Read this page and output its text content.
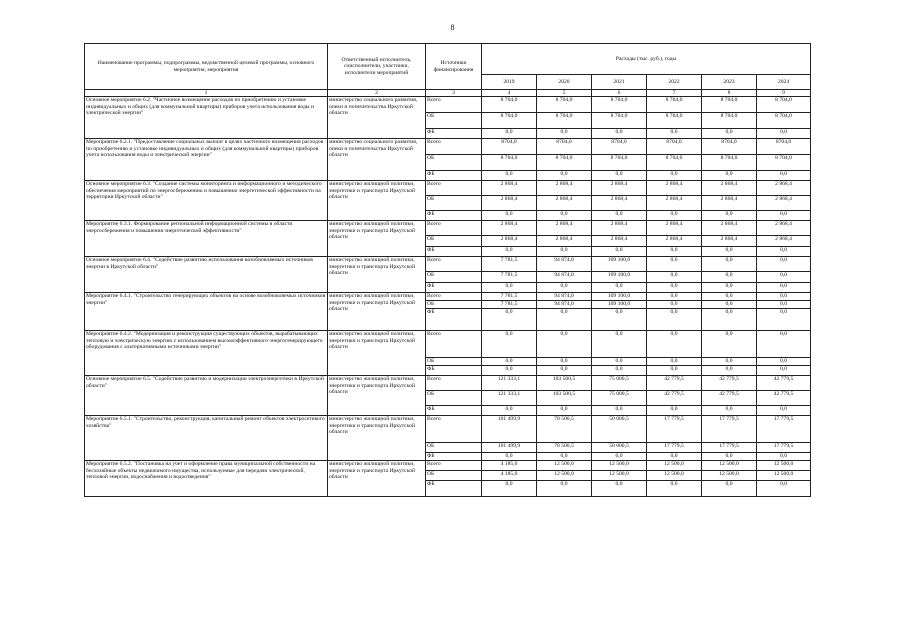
8
Наименование программы, подпрограммы, ведомственной целевой программы, основного мероприятия, мероприятия	Ответственный исполнитель, соисполнители, участники, исполнители мероприятий	Источники финансирования	Расходы (тыс. руб.), годы					
			2019	2020	2021	2022	2023	2024
1	2	3	4	5	6	7	8	9
Основное мероприятие 6.2. "Частичное возмещение расходов по приобретению и установке индивидуальных и общих (для коммунальной квартиры) приборов учета использования воды и электрической энергии"	министерство социального развития, опеки и попечительства Иркутской области	Всего	8 704,0	8 704,0	8 704,0	8 704,0	8 704,0	8 704,0
		ОБ	8 704,0	8 704,0	8 704,0	8 704,0	8 704,0	8 704,0
		ФБ	0,0	0,0	0,0	0,0	0,0	0,0
Мероприятие 6.2.1. "Предоставление социальных выплат в целях частичного возмещения расходов по приобретению и установке индивидуальных и общих (для коммунальной квартиры) приборов учета использования воды и электрической энергии"	министерство социального развития, опеки и попечительства Иркутской области	Всего	8704,0	8704,0	8704,0	8704,0	8704,0	8704,0
		ОБ	8 704,0	8 704,0	8 704,0	8 704,0	8 704,0	8 704,0
		ФБ	0,0	0,0	0,0	0,0	0,0	0,0
Основное мероприятие 6.3. "Создание системы мониторинга и информационного и методического обеспечения мероприятий по энергосбережению и повышению энергетической эффективности на территории Иркутской области"	министерство жилищной политики, энергетики и транспорта Иркутской области	Всего	2 868,4	2 868,4	2 868,4	2 868,4	2 868,4	2 868,4
		ОБ	2 868,4	2 868,4	2 868,4	2 868,4	2 868,4	2 868,4
		ФБ	0,0	0,0	0,0	0,0	0,0	0,0
Мероприятие 6.3.1. Формирование региональной информационной системы в области энергосбережения и повышения энергетической эффективности"	министерство жилищной политики, энергетики и транспорта Иркутской области	Всего	2 868,4	2 868,4	2 868,4	2 868,4	2 868,4	2 868,4
		ОБ	2 868,4	2 868,4	2 868,4	2 868,4	2 868,4	2 868,4
		ФБ	0,0	0,0	0,0	0,0	0,0	0,0
Основное мероприятие 6.4. "Содействие развитию использования возобновляемых источников энергии в Иркутской области"	министерство жилищной политики, энергетики и транспорта Иркутской области	Всего	7 781,5	94 874,0	109 100,0	0,0	0,0	0,0
		ОБ	7 781,5	94 874,0	109 100,0	0,0	0,0	0,0
		ФБ	0,0	0,0	0,0	0,0	0,0	0,0
Мероприятие 6.4.1. "Строительство генерирующих объектов на основе возобновляемых источников энергии"	министерство жилищной политики, энергетики и транспорта Иркутской области	Всего	7 781,5	94 874,0	109 100,0	0,0	0,0	0,0
		ОБ	7 781,5	94 874,0	109 100,0	0,0	0,0	0,0
		ФБ	0,0	0,0	0,0	0,0	0,0	0,0
Мероприятие 6.4.2. "Модернизация и реконструкция существующих объектов, вырабатывающих тепловую и электрическую энергию с использованием высокоэффективного энергогенерирующего оборудования с альтернативными источниками энергии"	министерство жилищной политики, энергетики и транспорта Иркутской области	Всего	0,0	0,0	0,0	0,0	0,0	0,0
		ОБ	0,0	0,0	0,0	0,0	0,0	0,0
		ФБ	0,0	0,0	0,0	0,0	0,0	0,0
Основное мероприятие 6.5. "Содействие развитию и модернизации электроэнергетики в Иркутской области"	министерство жилищной политики, энергетики и транспорта Иркутской области	Всего	121 333,1	103 500,5	75 000,5	42 779,5	42 779,5	42 779,5
		ОБ	121 333,1	103 500,5	75 000,5	42 779,5	42 779,5	42 779,5
		ФБ	0,0	0,0	0,0	0,0	0,0	0,0
Мероприятие 6.5.1. "Строительство, реконструкция, капитальный ремонт объектов электросетевого хозяйства"	министерство жилищной политики, энергетики и транспорта Иркутской области	Всего	101 499,9	78 500,5	50 000,5	17 779,5	17 779,5	17 779,5
		ОБ	101 499,9	78 500,5	50 000,5	17 779,5	17 779,5	17 779,5
		ФБ	0,0	0,0	0,0	0,0	0,0	0,0
Мероприятие 6.5.2. "Постановка на учет и оформление права муниципальной собственности на бесхозяйные объекты недвижимого имущества, используемые для передачи электрической, тепловой энергии, водоснабжения и водоотведения"	министерство жилищной политики, энергетики и транспорта Иркутской области	Всего	4 185,0	12 500,0	12 500,0	12 500,0	12 500,0	12 500,0
		ОБ	4 185,0	12 500,0	12 500,0	12 500,0	12 500,0	12 500,0
		ФБ	0,0	0,0	0,0	0,0	0,0	0,0
